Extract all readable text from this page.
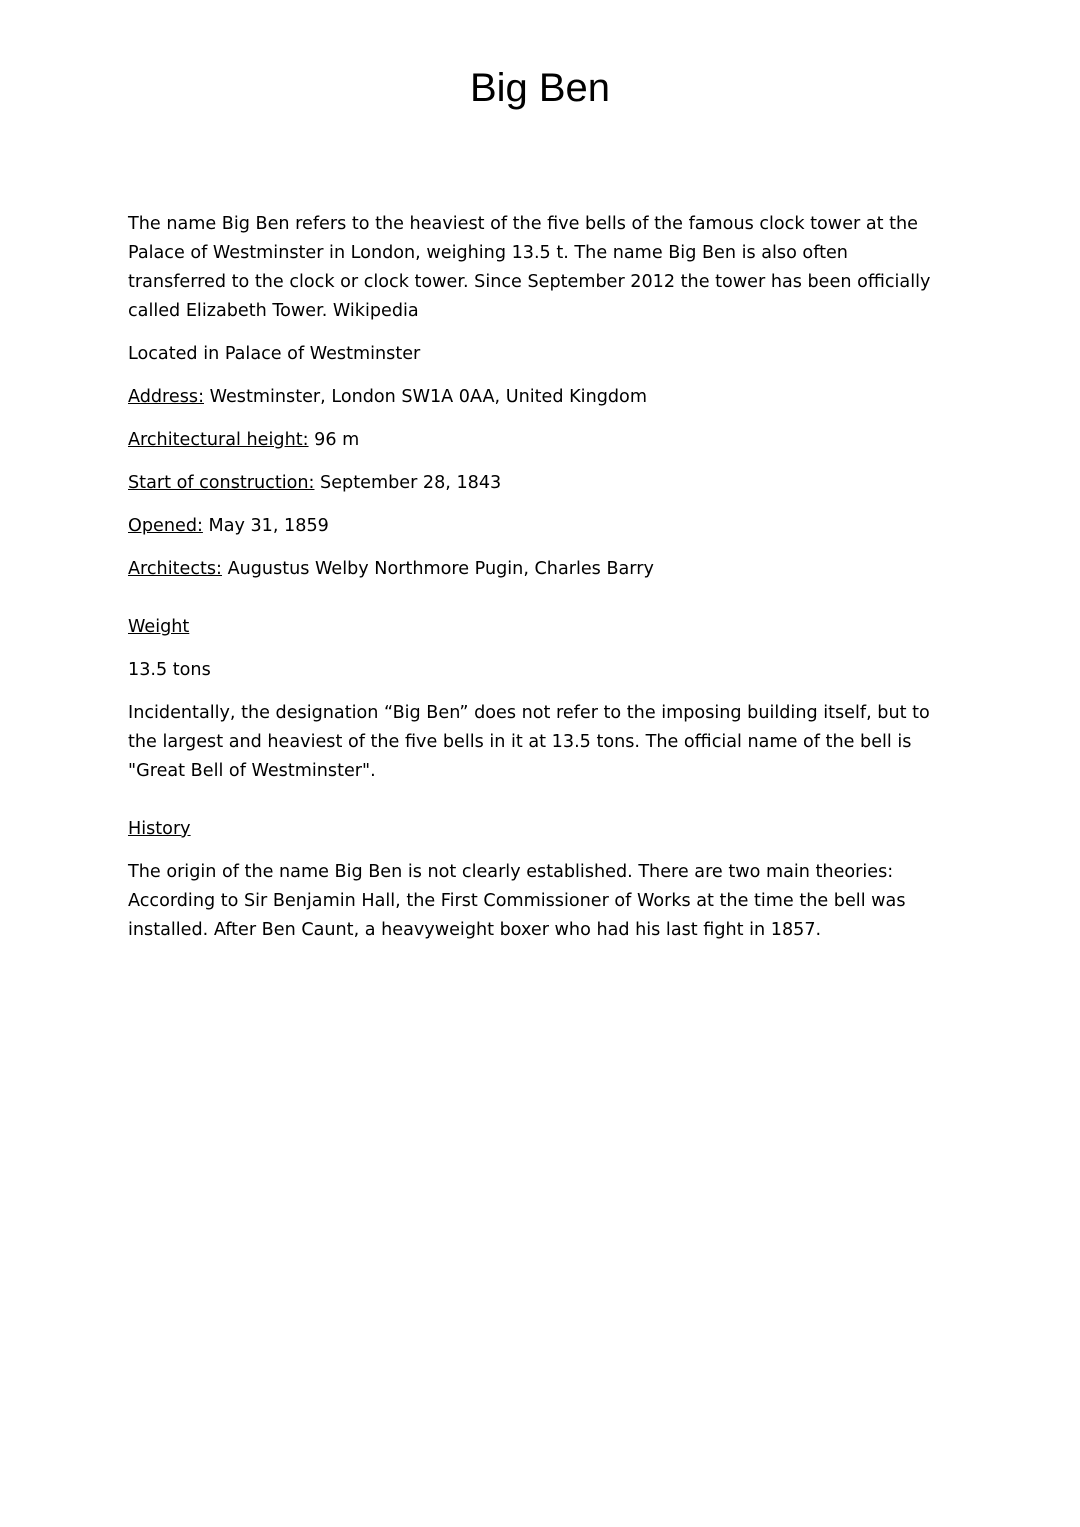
Big Ben

The name Big Ben refers to the heaviest of the five bells of the famous clock tower at the Palace of Westminster in London, weighing 13.5 t. The name Big Ben is also often transferred to the clock or clock tower. Since September 2012 the tower has been officially called Elizabeth Tower. Wikipedia

Located in Palace of Westminster

Address: Westminster, London SW1A 0AA, United Kingdom

Architectural height: 96 m

Start of construction: September 28, 1843

Opened: May 31, 1859

Architects: Augustus Welby Northmore Pugin, Charles Barry

Weight

13.5 tons

Incidentally, the designation “Big Ben” does not refer to the imposing building itself, but to the largest and heaviest of the five bells in it at 13.5 tons. The official name of the bell is "Great Bell of Westminster".

History

The origin of the name Big Ben is not clearly established. There are two main theories: According to Sir Benjamin Hall, the First Commissioner of Works at the time the bell was installed. After Ben Caunt, a heavyweight boxer who had his last fight in 1857.
